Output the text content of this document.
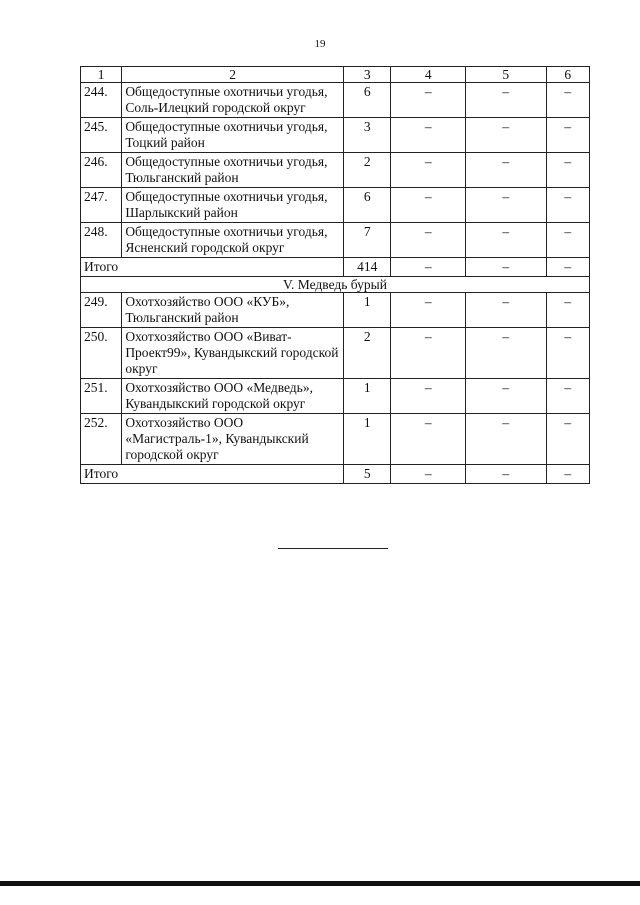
19
1	2	3	4	5	6
244.	Общедоступные охотничьи угодья, Соль-Илецкий городской округ	6	–	–	–
245.	Общедоступные охотничьи угодья, Тоцкий район	3	–	–	–
246.	Общедоступные охотничьи угодья, Тюльганский район	2	–	–	–
247.	Общедоступные охотничьи угодья, Шарлыкский район	6	–	–	–
248.	Общедоступные охотничьи угодья, Ясненский городской округ	7	–	–	–
Итого		414	–	–	–
V. Медведь бурый					
249.	Охотхозяйство ООО «КУБ», Тюльганский район	1	–	–	–
250.	Охотхозяйство ООО «Виват-Проект99», Кувандыкский городской округ	2	–	–	–
251.	Охотхозяйство ООО «Медведь», Кувандыкский городской округ	1	–	–	–
252.	Охотхозяйство ООО «Магистраль-1», Кувандыкский городской округ	1	–	–	–
Итого		5	–	–	–
